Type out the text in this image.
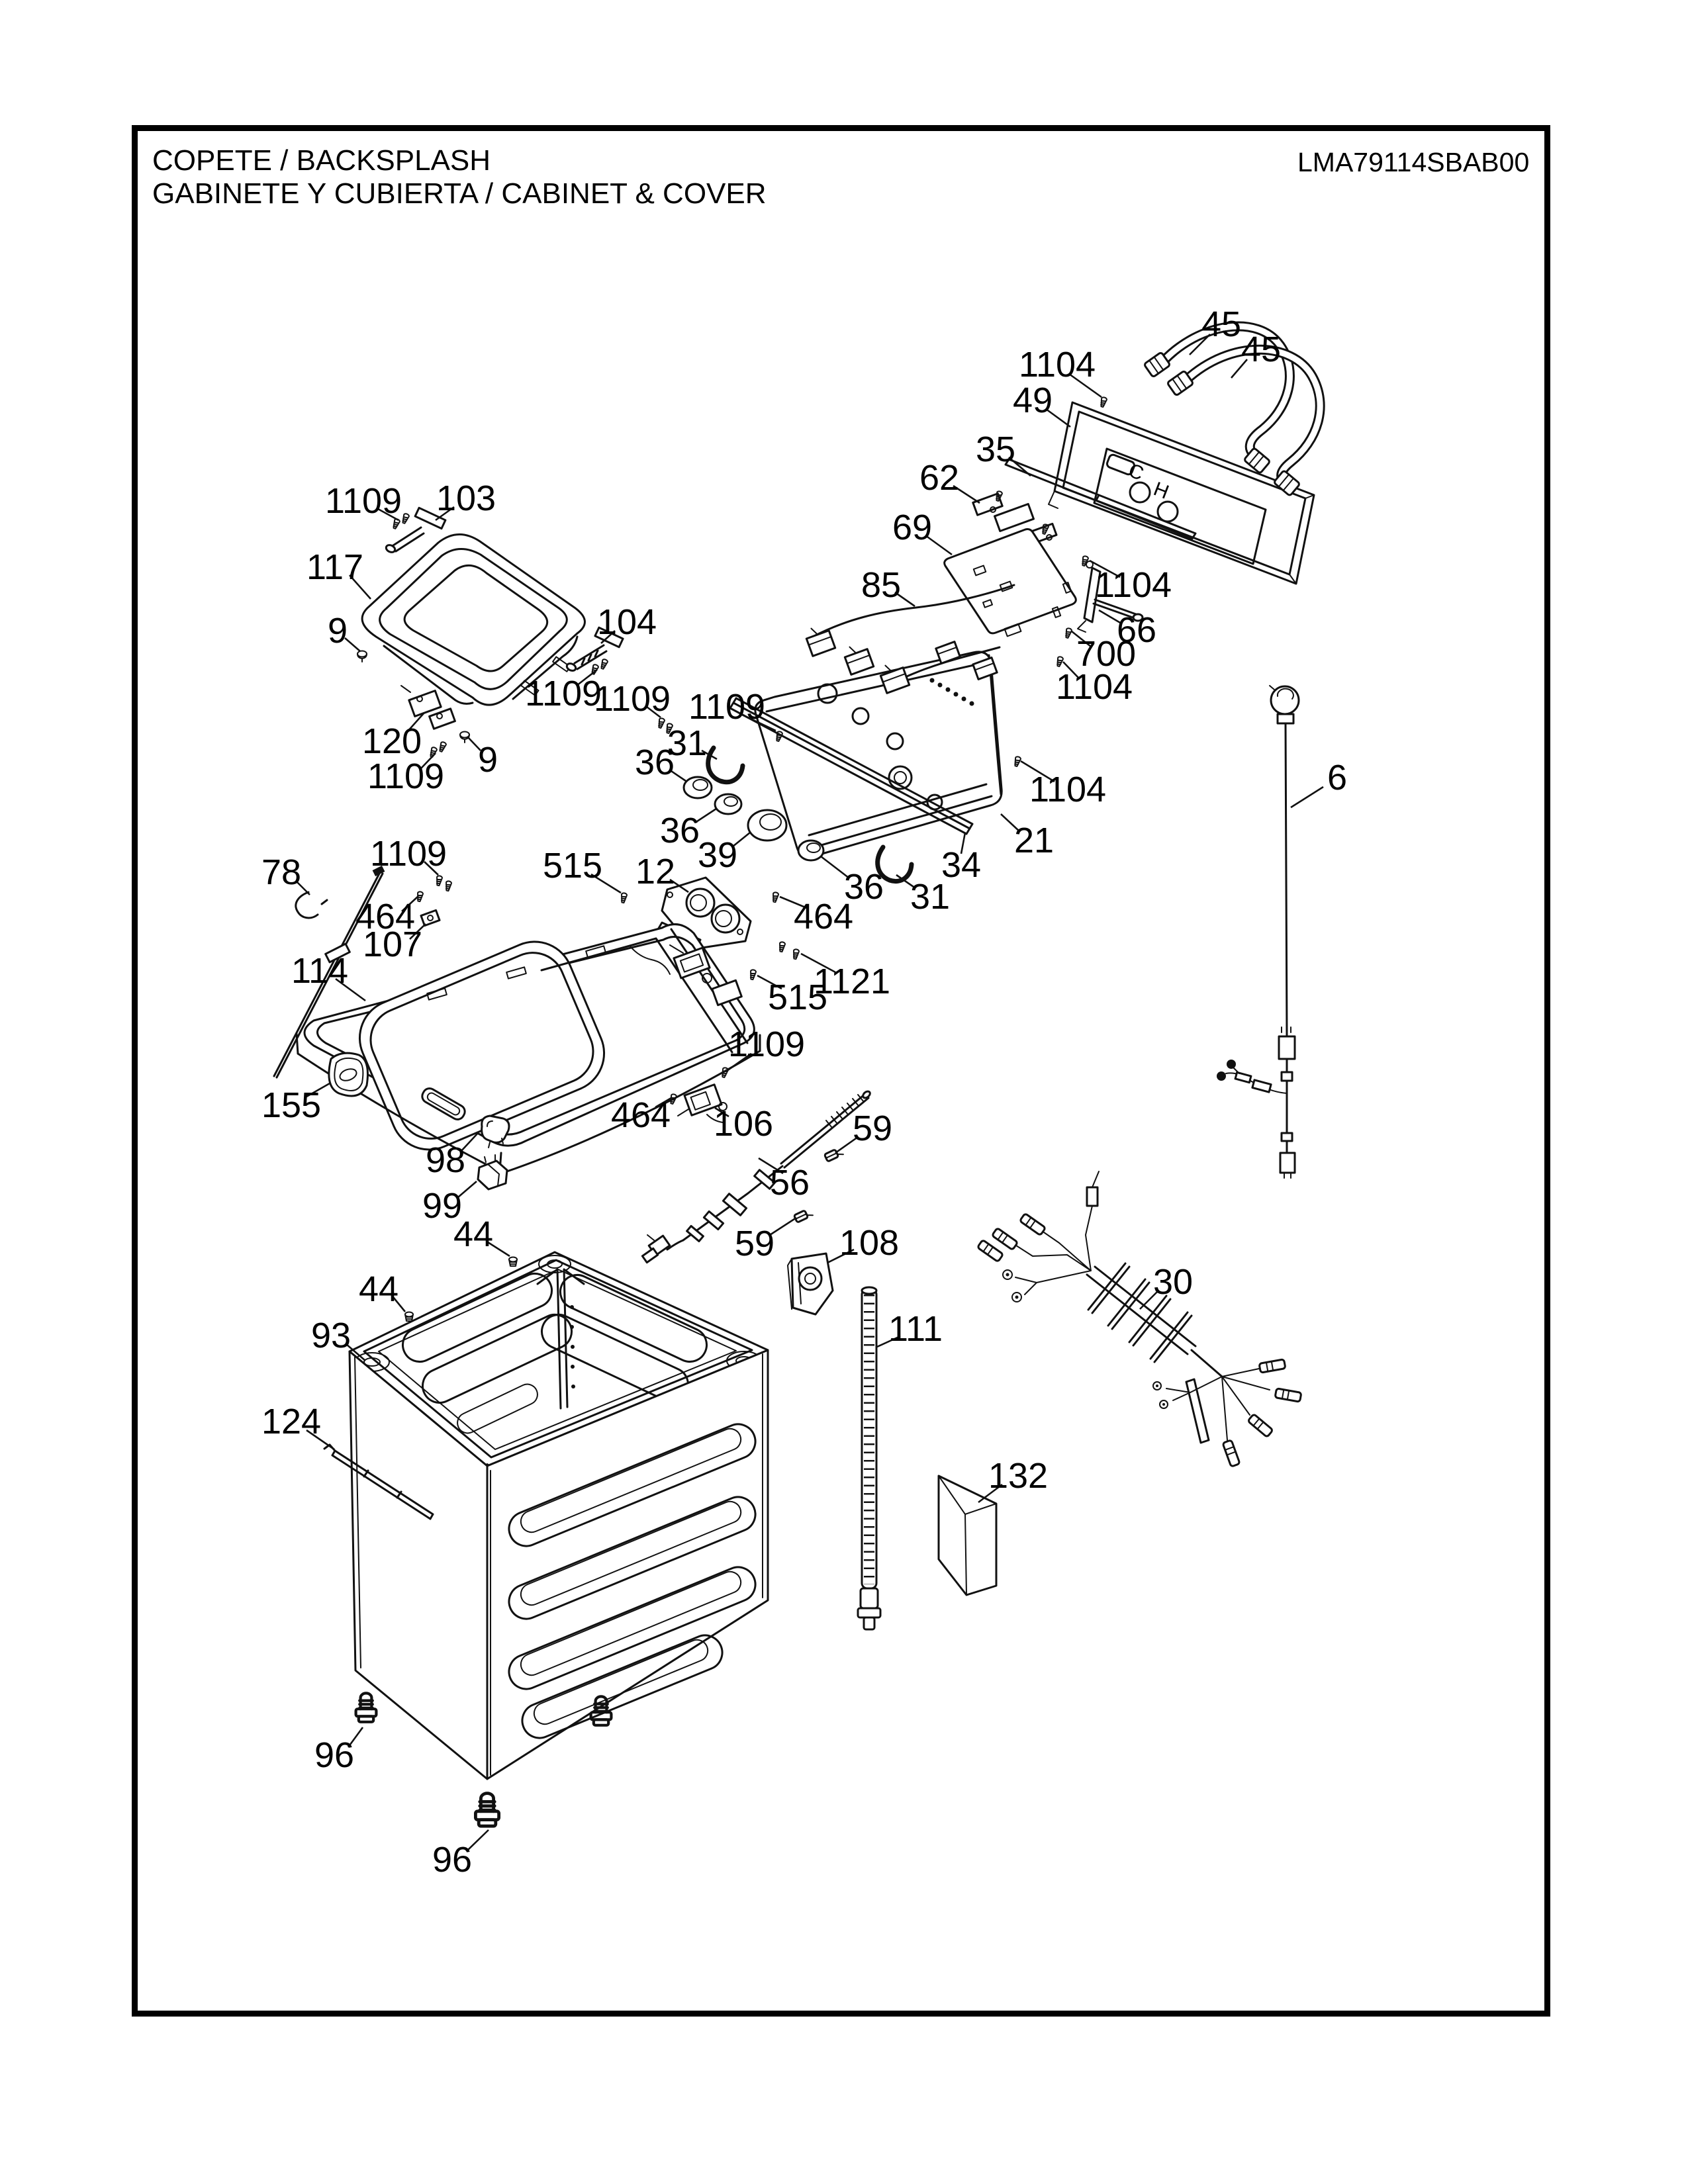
COPETE / BACKSPLASH
GABINETE Y CUBIERTA / CABINET & COVER
LMA79114SBAB00
45
45
1104
49
35
62
69
85	1104
66
700
1104
1109 103
117
9	104
1109
120 9
1109
1109 1109
31
36
36
39
12	36 31
34
21
1104	6
78 1109	515
464
107
114
464
1121
515
155	464 106
1109
59
56
59
98
99
44
44
93
124
108
30
111
132
96
96
C
H
